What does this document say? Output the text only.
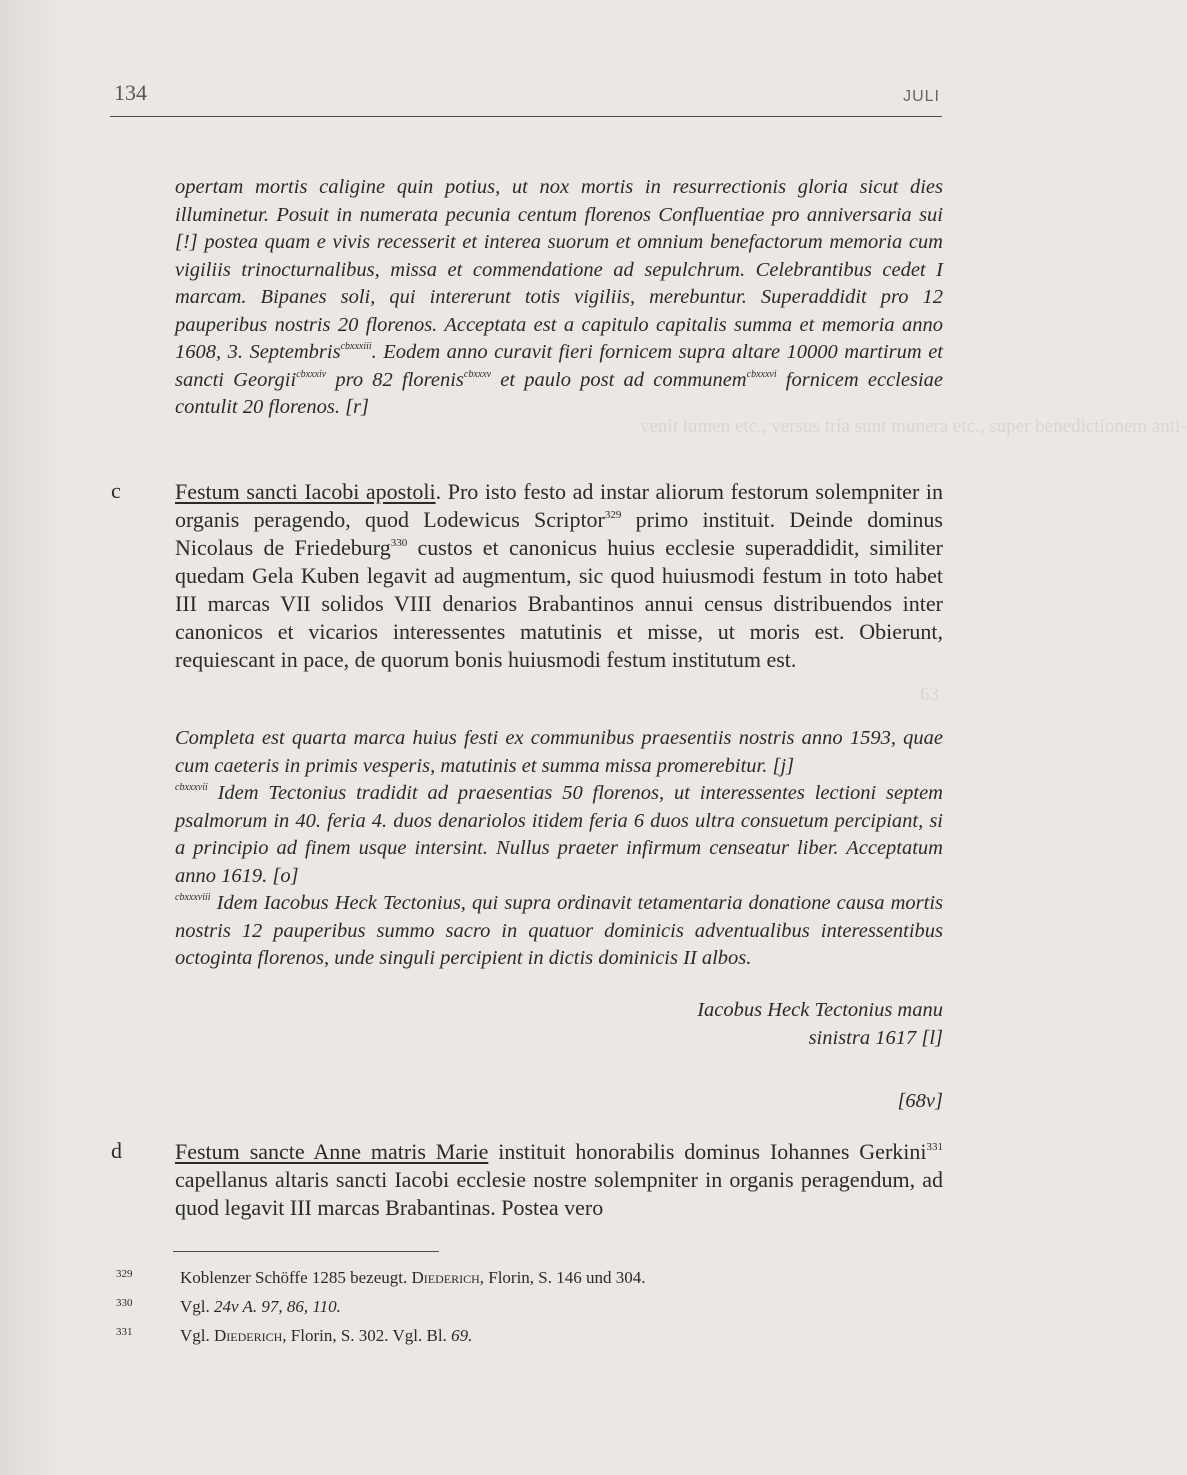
venit lumen etc., versus tria sunt munera etc., super benedictionem anti-
63
134	JULI
opertam mortis caligine quin potius, ut nox mortis in resurrectionis gloria sicut dies illuminetur. Posuit in numerata pecunia centum florenos Confluentiae pro anniversaria sui [!] postea quam e vivis recesserit et interea suorum et omnium benefactorum memoria cum vigiliis trinocturnalibus, missa et commendatione ad sepulchrum. Celebrantibus cedet I marcam. Bipanes soli, qui intererunt totis vigiliis, merebuntur. Superaddidit pro 12 pauperibus nostris 20 florenos. Acceptata est a capitulo capitalis summa et memoria anno 1608, 3. Septembris$^{cbxxxiii}$. Eodem anno curavit fieri fornicem supra altare 10000 martirum et sancti Georgii$^{cbxxxiv}$ pro 82 florenis$^{cbxxxv}$ et paulo post ad communem$^{cbxxxvi}$ fornicem ecclesiae contulit 20 florenos. [r]
c Festum sancti Iacobi apostoli. Pro isto festo ad instar aliorum festorum solempniter in organis peragendo, quod Lodewicus Scriptor$^{329}$ primo instituit. Deinde dominus Nicolaus de Friedeburg$^{330}$ custos et canonicus huius ecclesie superaddidit, similiter quedam Gela Kuben legavit ad augmentum, sic quod huiusmodi festum in toto habet III marcas VII solidos VIII denarios Brabantinos annui census distribuendos inter canonicos et vicarios interessentes matutinis et misse, ut moris est. Obierunt, requiescant in pace, de quorum bonis huiusmodi festum institutum est.
Completa est quarta marca huius festi ex communibus praesentiis nostris anno 1593, quae cum caeteris in primis vesperis, matutinis et summa missa promerebitur. [j]
$^{cbxxxvii}$ Idem Tectonius tradidit ad praesentias 50 florenos, ut interessentes lectioni septem psalmorum in 40. feria 4. duos denariolos itidem feria 6 duos ultra consuetum percipiant, si a principio ad finem usque intersint. Nullus praeter infirmum censeatur liber. Acceptatum anno 1619. [o]
$^{cbxxxviii}$ Idem Iacobus Heck Tectonius, qui supra ordinavit tetamentaria donatione causa mortis nostris 12 pauperibus summo sacro in quatuor dominicis adventualibus interessentibus octoginta florenos, unde singuli percipient in dictis dominicis II albos.
Iacobus Heck Tectonius manu
sinistra 1617 [l]
[68v]
d Festum sancte Anne matris Marie instituit honorabilis dominus Iohannes Gerkini$^{331}$ capellanus altaris sancti Iacobi ecclesie nostre solempniter in organis peragendum, ad quod legavit III marcas Brabantinas. Postea vero
329	Koblenzer Schöffe 1285 bezeugt. Diederich, Florin, S. 146 und 304.
330	Vgl. 24v A. 97, 86, 110.
331	Vgl. Diederich, Florin, S. 302. Vgl. Bl. 69.
